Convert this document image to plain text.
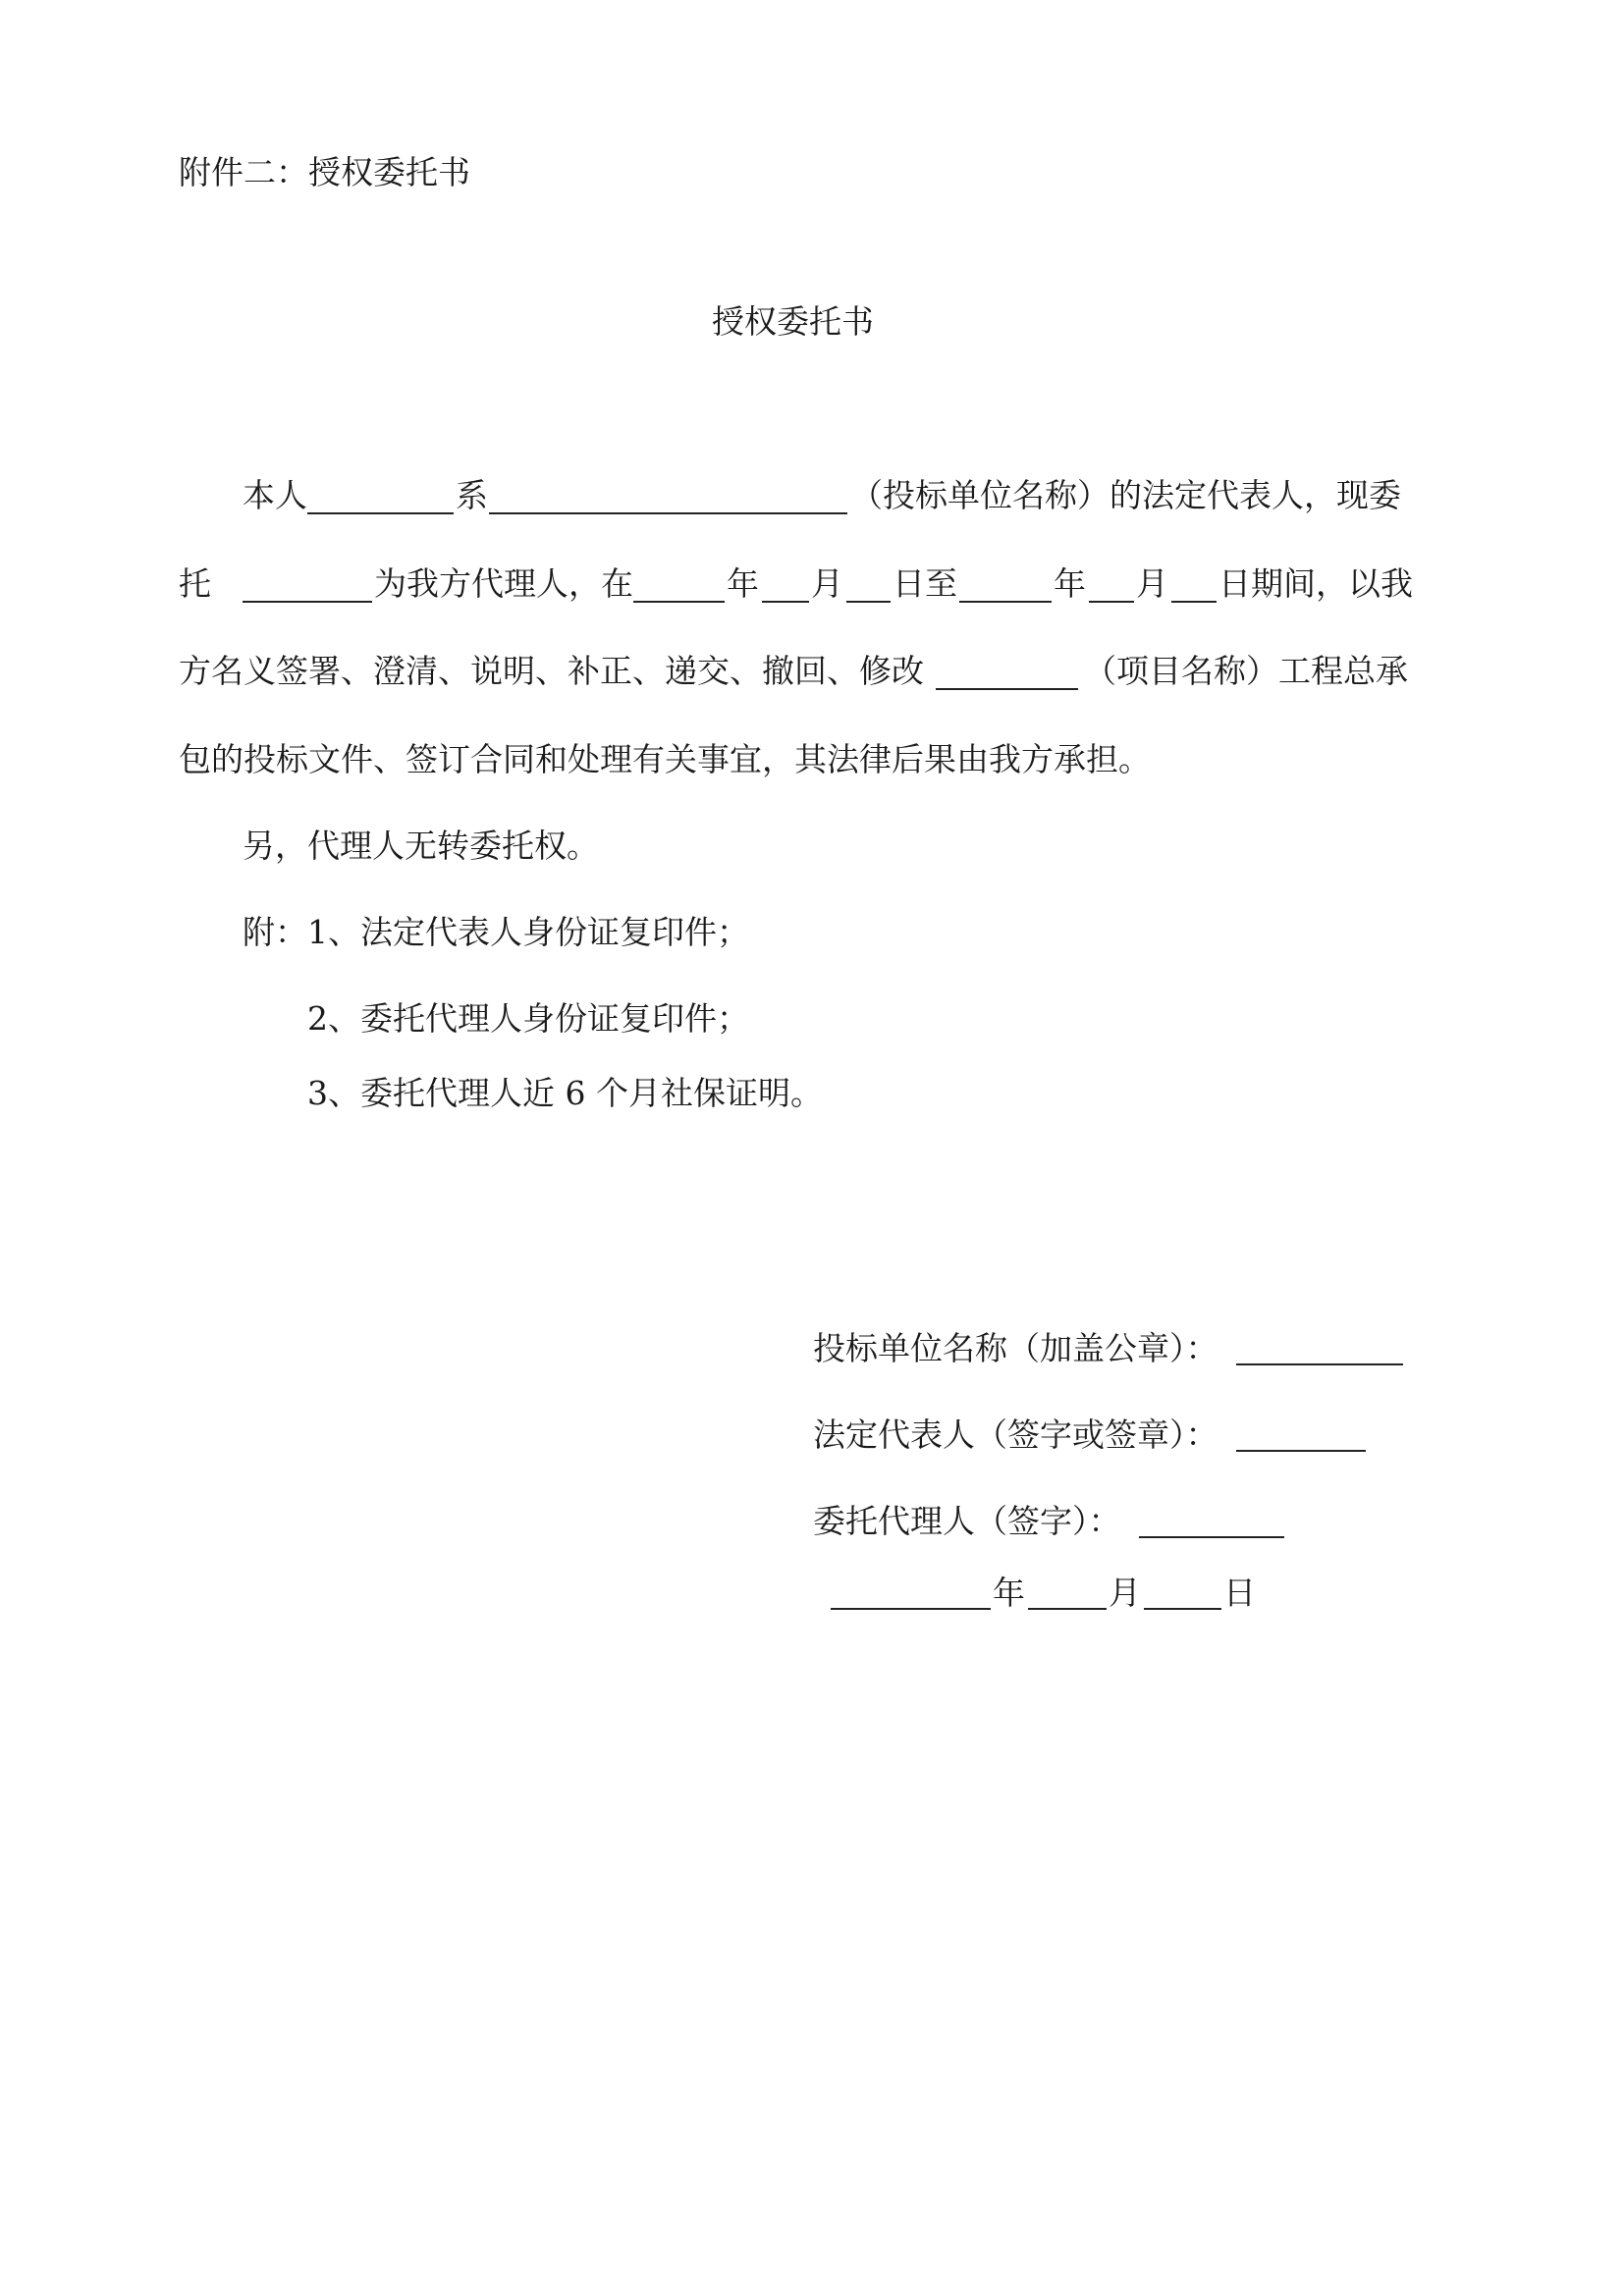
附件二：授权委托书
授权委托书
本人	系	（投标单位名称）的法定代表人，现委
托	为我方代理人，在	年 月 日至	年 月 日期间，以我
方名义签署、澄清、说明、补正、递交、撤回、修改	（项目名称）工程总承
包的投标文件、签订合同和处理有关事宜，其法律后果由我方承担。
另，代理人无转委托权。
附： 1、法定代表人身份证复印件；
2、委托代理人身份证复印件；
3、委托代理人近 6 个月社保证明。
投标单位名称（加盖公章）：
法定代表人（签字或签章）：
委托代理人（签字）：
年	月	日
